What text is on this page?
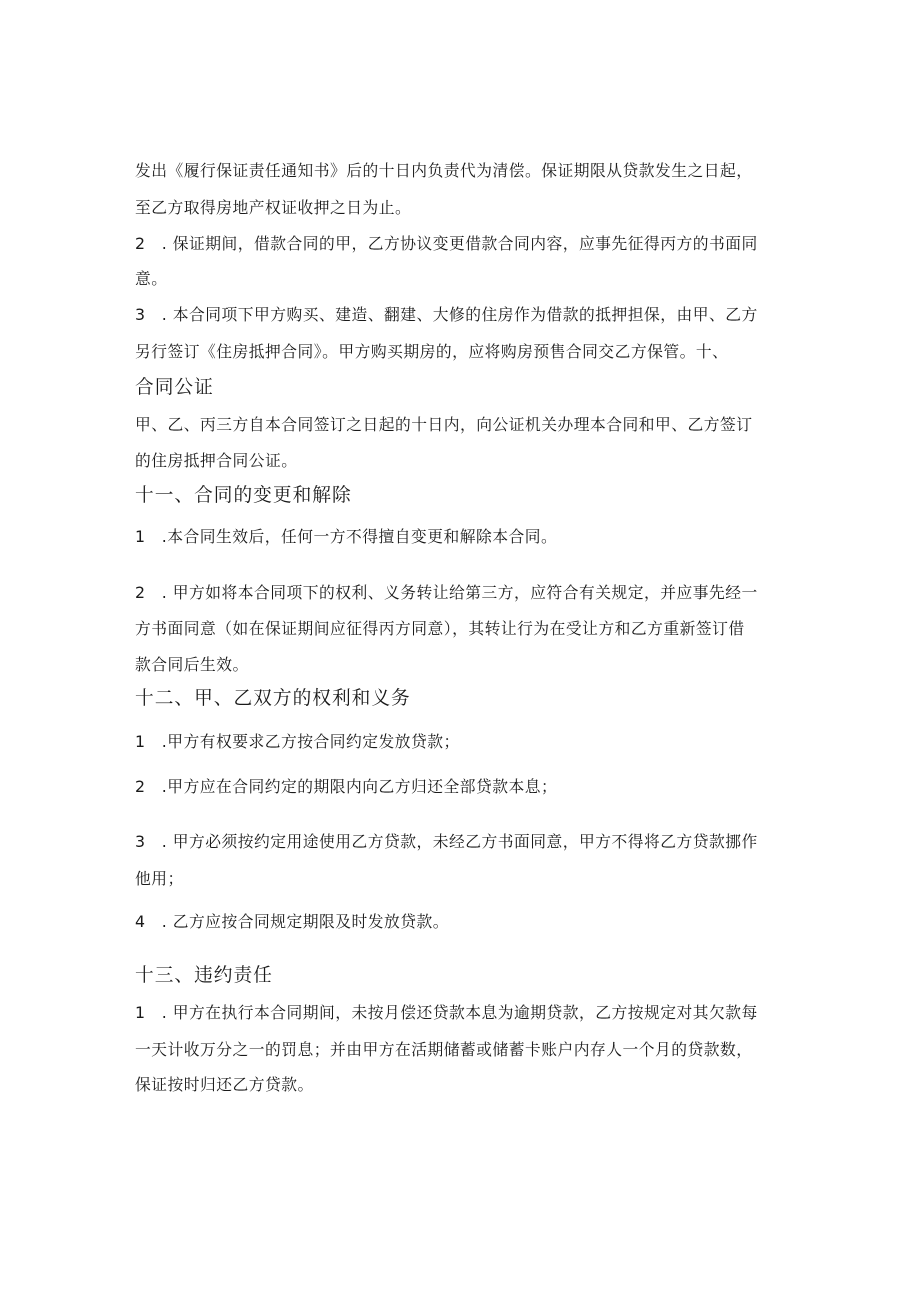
发出《履行保证责任通知书》后的十日内负责代为清偿。保证期限从贷款发生之日起，
至乙方取得房地产权证收押之日为止。
2　. 保证期间，借款合同的甲，乙方协议变更借款合同内容，应事先征得丙方的书面同
意。
3　. 本合同项下甲方购买、建造、翻建、大修的住房作为借款的抵押担保，由甲、乙方
另行签订《住房抵押合同》。甲方购买期房的，应将购房预售合同交乙方保管。十、
合同公证
甲、乙、丙三方自本合同签订之日起的十日内，向公证机关办理本合同和甲、乙方签订
的住房抵押合同公证。
十一、合同的变更和解除
1　.本合同生效后，任何一方不得擅自变更和解除本合同。
2　. 甲方如将本合同项下的权利、义务转让给第三方，应符合有关规定，并应事先经一
方书面同意（如在保证期间应征得丙方同意），其转让行为在受让方和乙方重新签订借
款合同后生效。
十二、甲、乙双方的权利和义务
1　.甲方有权要求乙方按合同约定发放贷款；
2　.甲方应在合同约定的期限内向乙方归还全部贷款本息；
3　. 甲方必须按约定用途使用乙方贷款，未经乙方书面同意，甲方不得将乙方贷款挪作
他用；
4　. 乙方应按合同规定期限及时发放贷款。
十三、违约责任
1　. 甲方在执行本合同期间，未按月偿还贷款本息为逾期贷款，乙方按规定对其欠款每
一天计收万分之一的罚息；并由甲方在活期储蓄或储蓄卡账户内存人一个月的贷款数，
保证按时归还乙方贷款。
